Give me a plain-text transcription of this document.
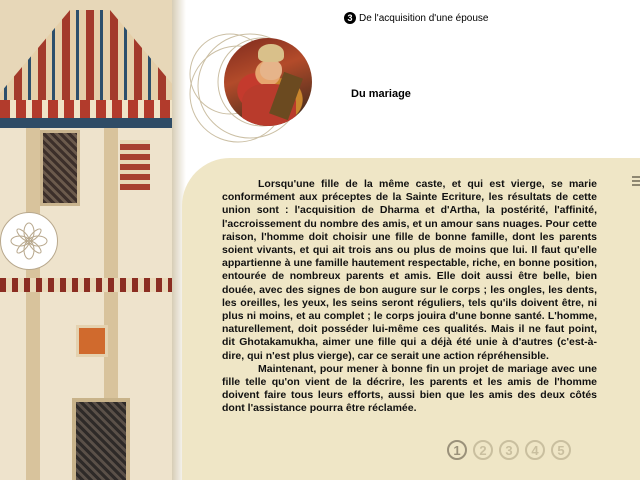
3 De l'acquisition d'une épouse
Du mariage

Lorsqu'une fille de la même caste, et qui est vierge, se marie conformément aux préceptes de la Sainte Ecriture, les résultats de cette union sont : l'acquisition de Dharma et d'Artha, la postérité, l'affinité, l'accroissement du nombre des amis, et un amour sans nuages. Pour cette raison, l'homme doit choisir une fille de bonne famille, dont les parents soient vivants, et qui ait trois ans ou plus de moins que lui. Il faut qu'elle appartienne à une famille hautement respectable, riche, en bonne position, entourée de nombreux parents et amis. Elle doit aussi être belle, bien douée, avec des signes de bon augure sur le corps ; les ongles, les dents, les oreilles, les yeux, les seins seront réguliers, tels qu'ils doivent être, ni plus ni moins, et au complet ; le corps jouira d'une bonne santé. L'homme, naturellement, doit posséder lui-même ces qualités. Mais il ne faut point, dit Ghotakamukha, aimer une fille qui a déjà été unie à d'autres (c'est-à-dire, qui n'est plus vierge), car ce serait une action répréhensible.

Maintenant, pour mener à bonne fin un projet de mariage avec une fille telle qu'on vient de la décrire, les parents et les amis de l'homme doivent faire tous leurs efforts, aussi bien que les amis des deux côtés dont l'assistance pourra être réclamée.

1	2	3	4	5
